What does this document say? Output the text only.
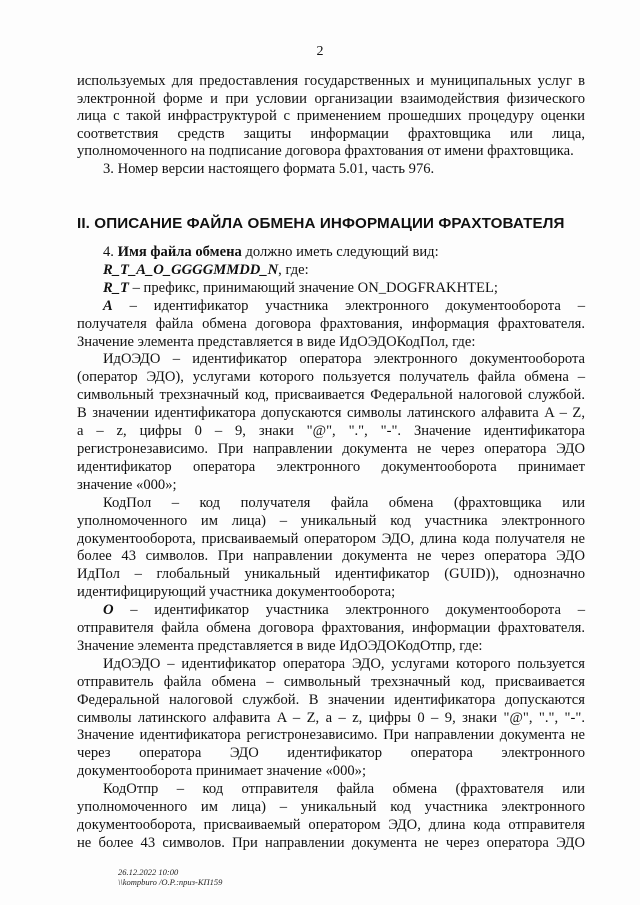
2

используемых для предоставления государственных и муниципальных услуг в

электронной форме и при условии организации взаимодействия физического

лица с такой инфраструктурой с применением прошедших процедуру оценки

соответствия средств защиты информации фрахтовщика или лица,

уполномоченного на подписание договора фрахтования от имени фрахтовщика.

3. Номер версии настоящего формата 5.01, часть 976.

II. ОПИСАНИЕ ФАЙЛА ОБМЕНА ИНФОРМАЦИИ ФРАХТОВАТЕЛЯ

4. Имя файла обмена должно иметь следующий вид:

R_T_A_O_GGGGMMDD_N, где:

R_T – префикс, принимающий значение ON_DOGFRAKHTEL;

A – идентификатор участника электронного документооборота –

получателя файла обмена договора фрахтования, информация фрахтователя.

Значение элемента представляется в виде ИдОЭДОКодПол, где:

ИдОЭДО – идентификатор оператора электронного документооборота

(оператор ЭДО), услугами которого пользуется получатель файла обмена –

символьный трехзначный код, присваивается Федеральной налоговой службой.

В значении идентификатора допускаются символы латинского алфавита A – Z,

a – z, цифры 0 – 9, знаки "@", ".", "-". Значение идентификатора

регистронезависимо. При направлении документа не через оператора ЭДО

идентификатор оператора электронного документооборота принимает

значение «000»;

КодПол – код получателя файла обмена (фрахтовщика или

уполномоченного им лица) – уникальный код участника электронного

документооборота, присваиваемый оператором ЭДО, длина кода получателя не

более 43 символов. При направлении документа не через оператора ЭДО

ИдПол – глобальный уникальный идентификатор (GUID)), однозначно

идентифицирующий участника документооборота;

O – идентификатор участника электронного документооборота –

отправителя файла обмена договора фрахтования, информации фрахтователя.

Значение элемента представляется в виде ИдОЭДОКодОтпр, где:

ИдОЭДО – идентификатор оператора ЭДО, услугами которого пользуется

отправитель файла обмена – символьный трехзначный код, присваивается

Федеральной налоговой службой. В значении идентификатора допускаются

символы латинского алфавита A – Z, a – z, цифры 0 – 9, знаки "@", ".", "-".

Значение идентификатора регистронезависимо. При направлении документа не

через оператора ЭДО идентификатор оператора электронного

документооборота принимает значение «000»;

КодОтпр – код отправителя файла обмена (фрахтователя или

уполномоченного им лица) – уникальный код участника электронного

документооборота, присваиваемый оператором ЭДО, длина кода отправителя

не более 43 символов. При направлении документа не через оператора ЭДО

26.12.2022 10:00
\\kompburo /О.Р.:приз-КП159
